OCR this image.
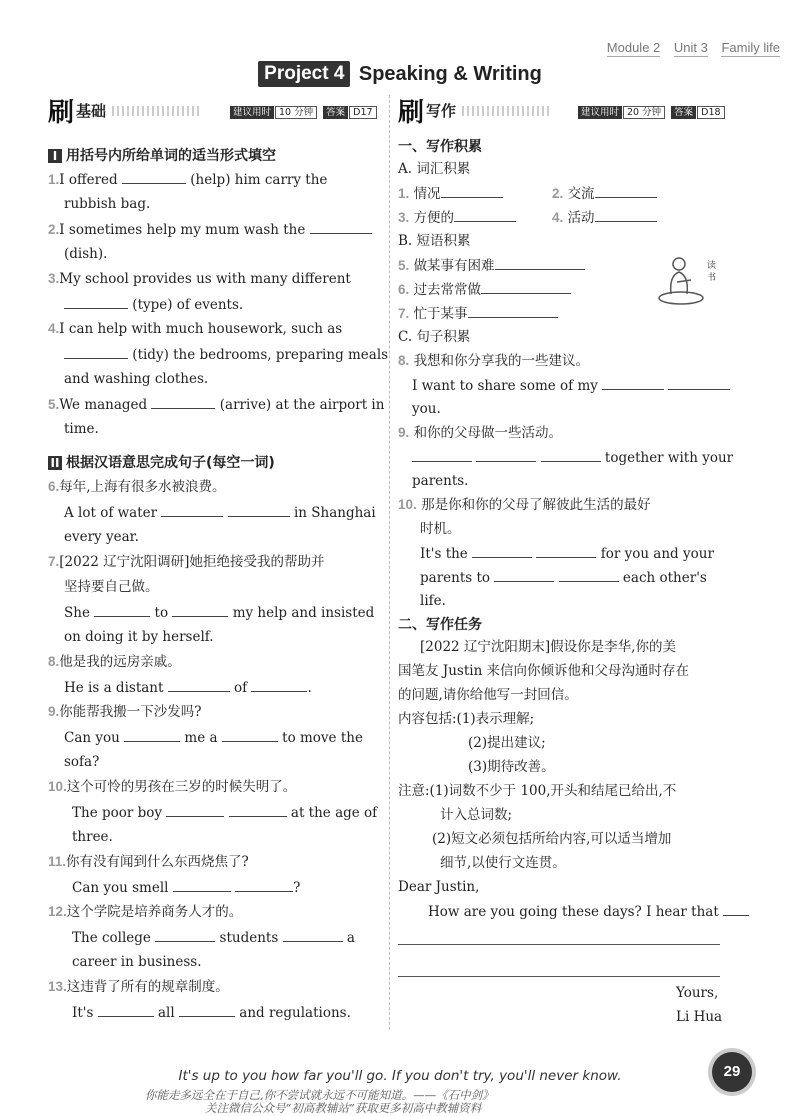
Module 2 Unit 3 Family life
Project 4 Speaking & Writing
刷基础	建议用时 10 分钟 答案 D17
I 用括号内所给单词的适当形式填空
1.I offered	(help) him carry the
rubbish bag.
2.I sometimes help my mum wash the
(dish).
3.My school provides us with many different
(type) of events.
4.I can help with much housework, such as
(tidy) the bedrooms, preparing meals
and washing clothes.
5.We managed	(arrive) at the airport in
time.
II 根据汉语意思完成句子(每空一词)
6.每年,上海有很多水被浪费。
A lot of water	in Shanghai
every year.
7.[2022 辽宁沈阳调研]她拒绝接受我的帮助并
坚持要自己做。
She	to	my help and insisted
on doing it by herself.
8.他是我的远房亲戚。
He is a distant	of	.
9.你能帮我搬一下沙发吗?
Can you	me a	to move the
sofa?
10.这个可怜的男孩在三岁的时候失明了。
The poor boy	at the age of
three.
11.你有没有闻到什么东西烧焦了?
Can you smell	?
12.这个学院是培养商务人才的。
The college	students	a
career in business.
13.这违背了所有的规章制度。
It's	all	and regulations.
刷写作	建议用时 20 分钟 答案 D18
一、写作积累
A. 词汇积累
1. 情况	2. 交流
3. 方便的	4. 活动
B. 短语积累
5. 做某事有困难
6. 过去常常做
7. 忙于某事
读
书
C. 句子积累
8. 我想和你分享我的一些建议。
I want to share some of my
you.
9. 和你的父母做一些活动。
together with your
parents.
10. 那是你和你的父母了解彼此生活的最好
时机。
It's the	for you and your
parents to	each other's
life.
二、写作任务
[2022 辽宁沈阳期末]假设你是李华,你的美
国笔友 Justin 来信向你倾诉他和父母沟通时存在
的问题,请你给他写一封回信。
内容包括:(1)表示理解;
(2)提出建议;
(3)期待改善。
注意:(1)词数不少于 100,开头和结尾已给出,不
计入总词数;
(2)短文必须包括所给内容,可以适当增加
细节,以使行文连贯。
Dear Justin,
How are you going these days? I hear that
Yours,
Li Hua
It's up to you how far you'll go. If you don't try, you'll never know.
你能走多远全在于自己,你不尝试就永远不可能知道。——《石中剑》
关注微信公众号“初高教辅站”获取更多初高中教辅资料
29
